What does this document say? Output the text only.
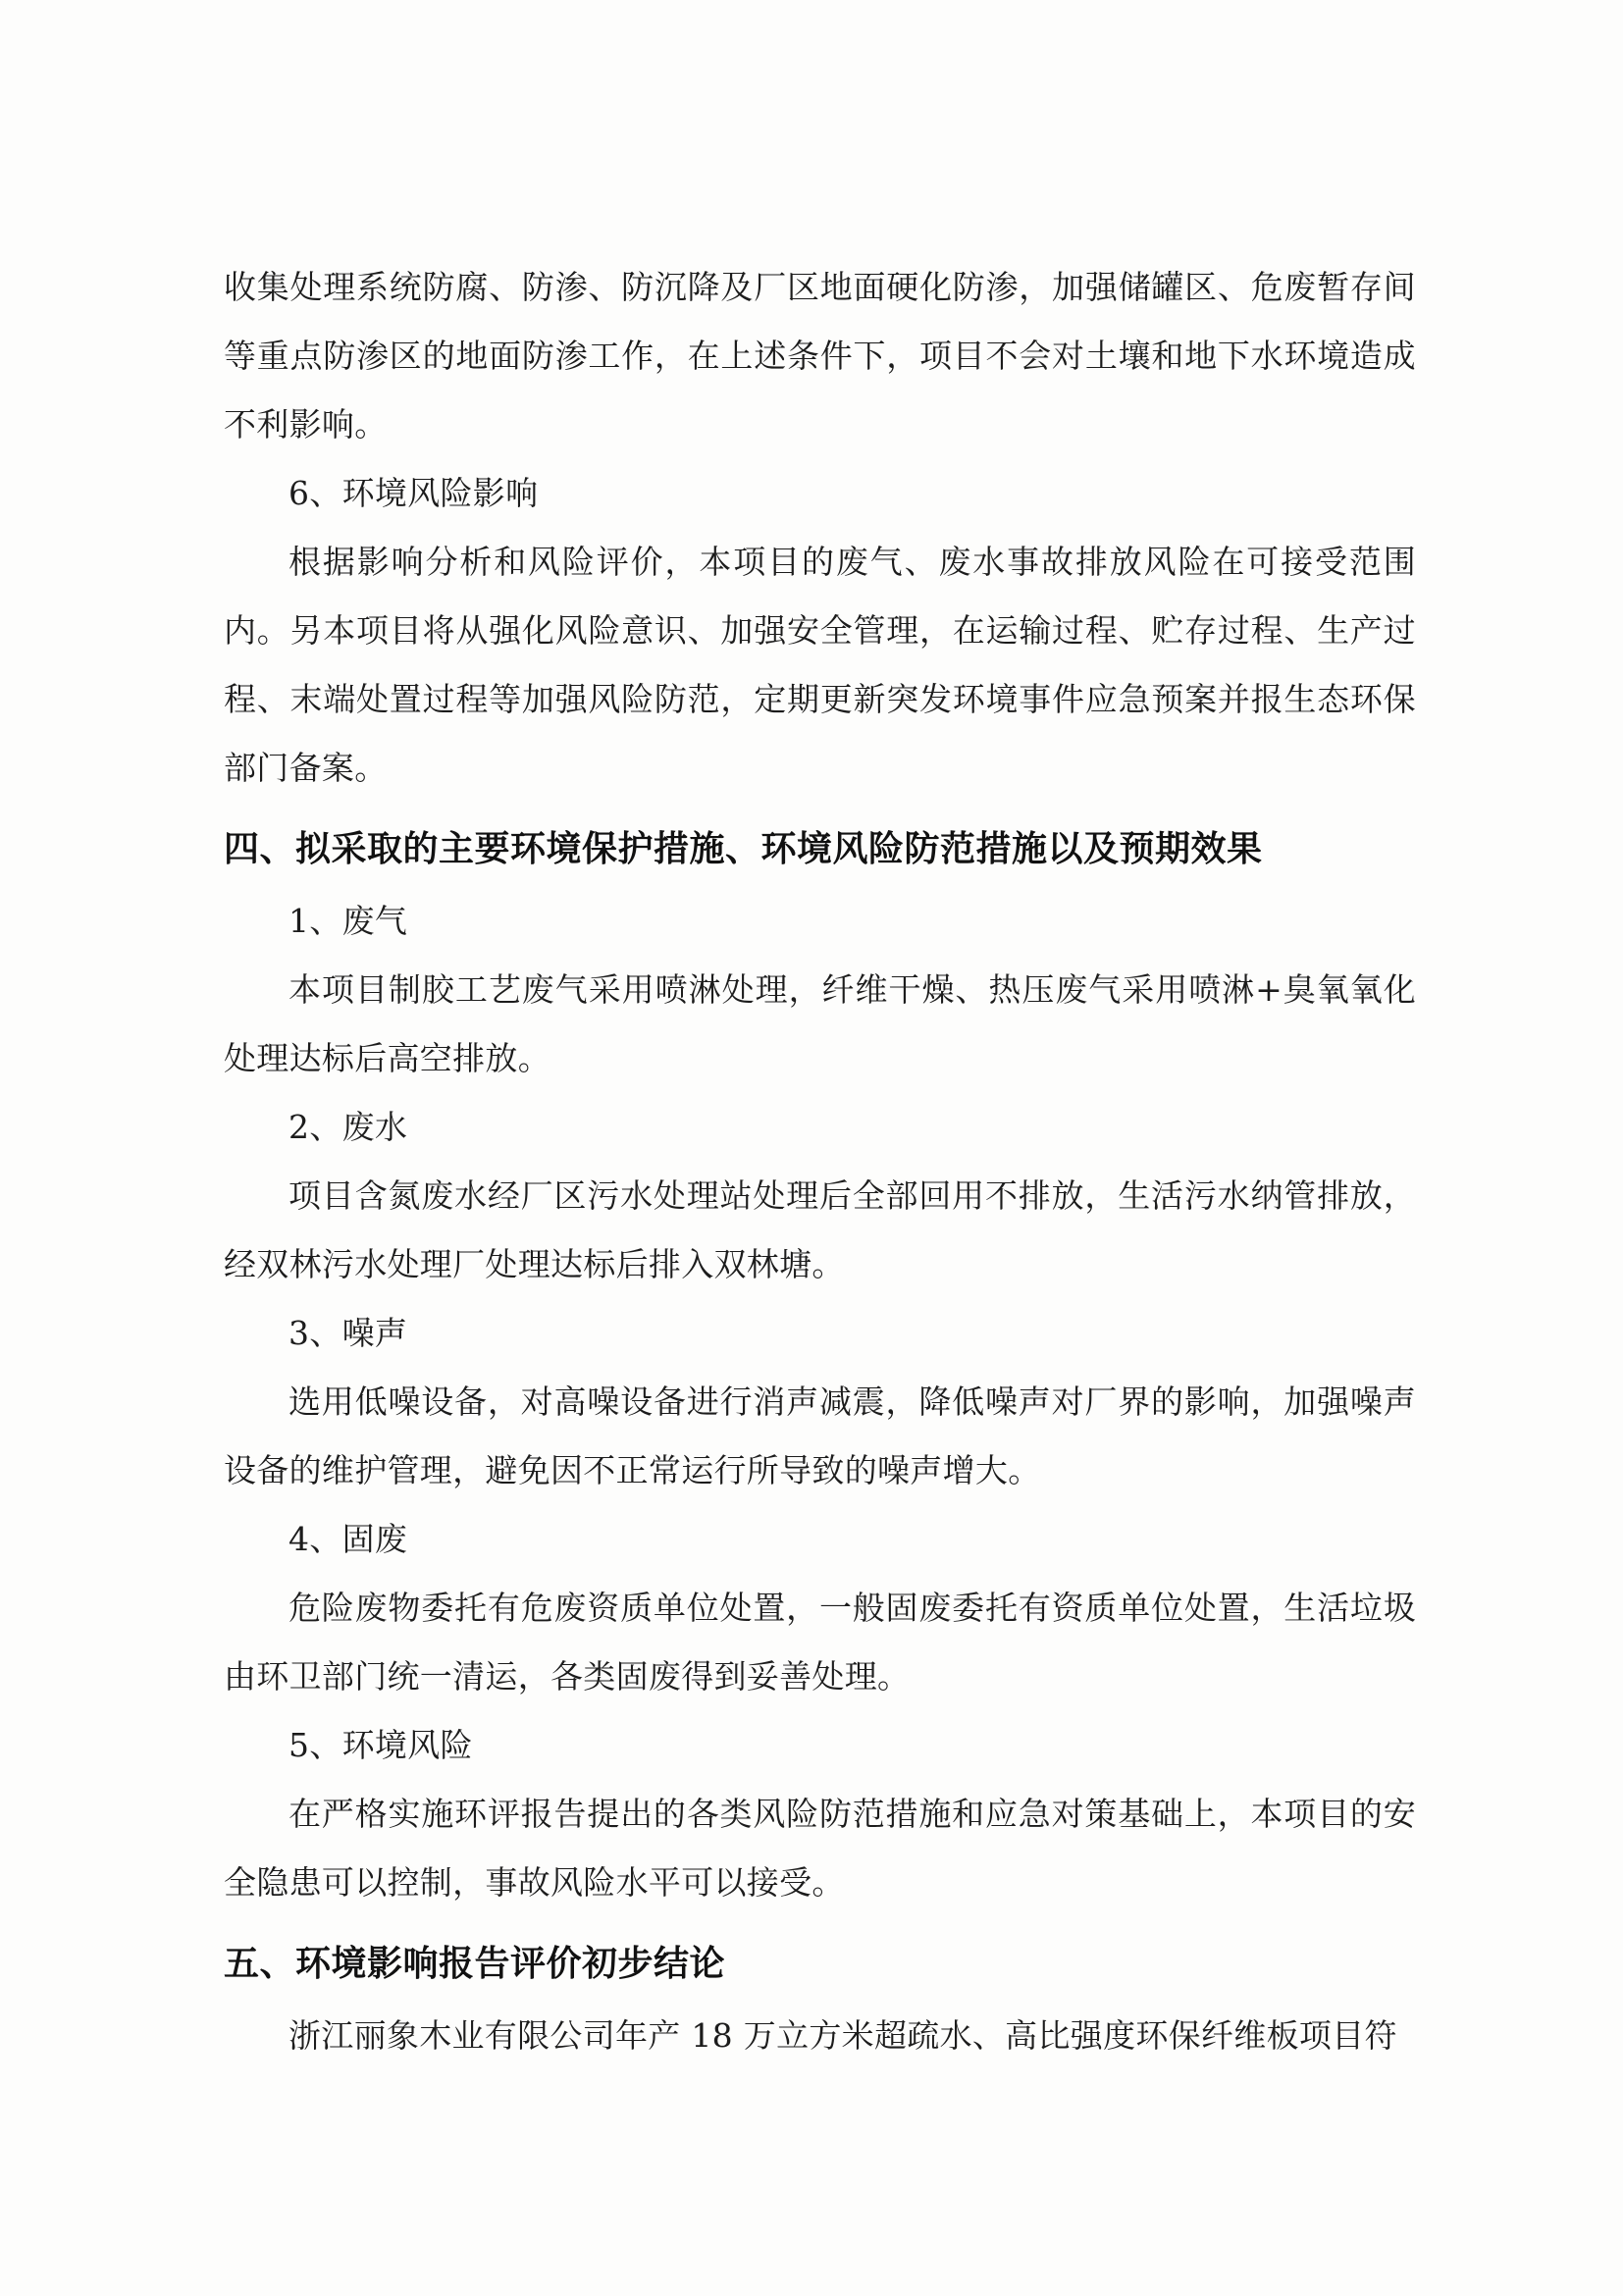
收集处理系统防腐、防渗、防沉降及厂区地面硬化防渗，加强储罐区、危废暂存间等重点防渗区的地面防渗工作，在上述条件下，项目不会对土壤和地下水环境造成不利影响。

6、环境风险影响

根据影响分析和风险评价，本项目的废气、废水事故排放风险在可接受范围内。另本项目将从强化风险意识、加强安全管理，在运输过程、贮存过程、生产过程、末端处置过程等加强风险防范，定期更新突发环境事件应急预案并报生态环保部门备案。

四、拟采取的主要环境保护措施、环境风险防范措施以及预期效果

1、废气

本项目制胶工艺废气采用喷淋处理，纤维干燥、热压废气采用喷淋+臭氧氧化处理达标后高空排放。

2、废水

项目含氮废水经厂区污水处理站处理后全部回用不排放，生活污水纳管排放，经双林污水处理厂处理达标后排入双林塘。

3、噪声

选用低噪设备，对高噪设备进行消声减震，降低噪声对厂界的影响，加强噪声设备的维护管理，避免因不正常运行所导致的噪声增大。

4、固废

危险废物委托有危废资质单位处置，一般固废委托有资质单位处置，生活垃圾由环卫部门统一清运，各类固废得到妥善处理。

5、环境风险

在严格实施环评报告提出的各类风险防范措施和应急对策基础上，本项目的安全隐患可以控制，事故风险水平可以接受。

五、环境影响报告评价初步结论

浙江丽象木业有限公司年产 18 万立方米超疏水、高比强度环保纤维板项目符
